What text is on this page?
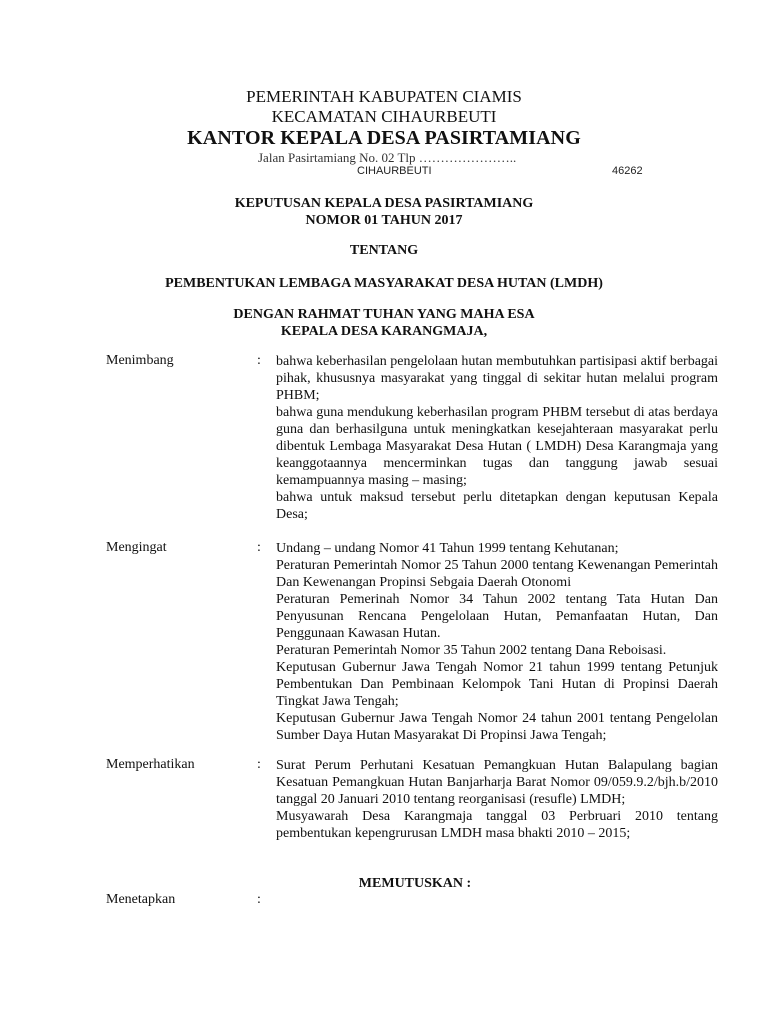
PEMERINTAH KABUPATEN CIAMIS
KECAMATAN CIHAURBEUTI
KANTOR KEPALA DESA PASIRTAMIANG
Jalan Pasirtamiang No. 02 Tlp …………………..
CIHAURBEUTI	46262
KEPUTUSAN KEPALA DESA PASIRTAMIANG
NOMOR 01 TAHUN 2017
TENTANG
PEMBENTUKAN LEMBAGA MASYARAKAT DESA HUTAN (LMDH)
DENGAN RAHMAT TUHAN YANG MAHA ESA
KEPALA DESA KARANGMAJA,
Menimbang	: bahwa keberhasilan pengelolaan hutan membutuhkan partisipasi aktif berbagai pihak, khususnya masyarakat yang tinggal di sekitar hutan melalui program PHBM;

bahwa guna mendukung keberhasilan program PHBM tersebut di atas berdaya guna dan berhasilguna untuk meningkatkan kesejahteraan masyarakat perlu dibentuk Lembaga Masyarakat Desa Hutan ( LMDH) Desa Karangmaja yang keanggotaannya mencerminkan tugas dan tanggung jawab sesuai kemampuannya masing – masing;

bahwa untuk maksud tersebut perlu ditetapkan dengan keputusan Kepala Desa;

Mengingat	: Undang – undang Nomor 41 Tahun 1999 tentang Kehutanan;

Peraturan Pemerintah Nomor 25 Tahun 2000 tentang Kewenangan Pemerintah Dan Kewenangan Propinsi Sebgaia Daerah Otonomi

Peraturan Pemerinah Nomor 34 Tahun 2002 tentang Tata Hutan Dan Penyusunan Rencana Pengelolaan Hutan, Pemanfaatan Hutan, Dan Penggunaan Kawasan Hutan.

Peraturan Pemerintah Nomor 35 Tahun 2002 tentang Dana Reboisasi.

Keputusan Gubernur Jawa Tengah Nomor 21 tahun 1999 tentang Petunjuk Pembentukan Dan Pembinaan Kelompok Tani Hutan di Propinsi Daerah Tingkat Jawa Tengah;

Keputusan Gubernur Jawa Tengah Nomor 24 tahun 2001 tentang Pengelolan Sumber Daya Hutan Masyarakat Di Propinsi Jawa Tengah;

Memperhatikan	: Surat Perum Perhutani Kesatuan Pemangkuan Hutan Balapulang bagian Kesatuan Pemangkuan Hutan Banjarharja Barat Nomor 09/059.9.2/bjh.b/2010 tanggal 20 Januari 2010 tentang reorganisasi (resufle) LMDH;

Musyawarah Desa Karangmaja tanggal 03 Perbruari 2010 tentang pembentukan kepengrurusan LMDH masa bhakti 2010 – 2015;

MEMUTUSKAN :
Menetapkan	:
